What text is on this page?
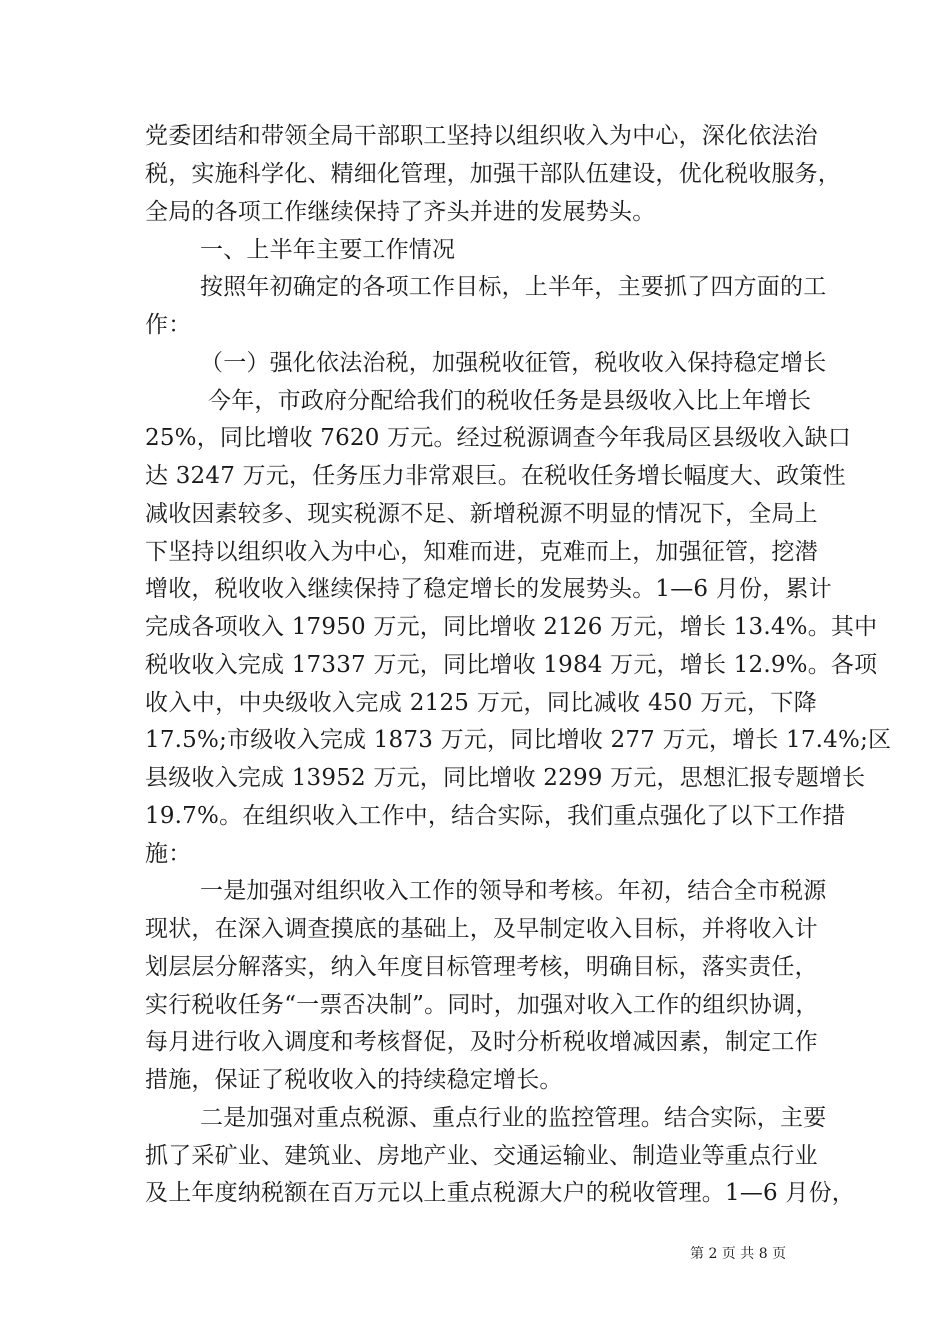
党委团结和带领全局干部职工坚持以组织收入为中心，深化依法治
税，实施科学化、精细化管理，加强干部队伍建设，优化税收服务，
全局的各项工作继续保持了齐头并进的发展势头。
一、上半年主要工作情况
按照年初确定的各项工作目标，上半年，主要抓了四方面的工
作：
（一）强化依法治税，加强税收征管，税收收入保持稳定增长
今年，市政府分配给我们的税收任务是县级收入比上年增长
25%，同比增收 7620 万元。经过税源调查今年我局区县级收入缺口
达 3247 万元，任务压力非常艰巨。在税收任务增长幅度大、政策性
减收因素较多、现实税源不足、新增税源不明显的情况下，全局上
下坚持以组织收入为中心，知难而进，克难而上，加强征管，挖潜
增收，税收收入继续保持了稳定增长的发展势头。1—6 月份，累计
完成各项收入 17950 万元，同比增收 2126 万元，增长 13.4%。其中
税收收入完成 17337 万元，同比增收 1984 万元，增长 12.9%。各项
收入中，中央级收入完成 2125 万元，同比减收 450 万元，下降
17.5%;市级收入完成 1873 万元，同比增收 277 万元，增长 17.4%;区
县级收入完成 13952 万元，同比增收 2299 万元，思想汇报专题增长
19.7%。在组织收入工作中，结合实际，我们重点强化了以下工作措
施：
一是加强对组织收入工作的领导和考核。年初，结合全市税源
现状，在深入调查摸底的基础上，及早制定收入目标，并将收入计
划层层分解落实，纳入年度目标管理考核，明确目标，落实责任，
实行税收任务“一票否决制”。同时，加强对收入工作的组织协调，
每月进行收入调度和考核督促，及时分析税收增减因素，制定工作
措施，保证了税收收入的持续稳定增长。
二是加强对重点税源、重点行业的监控管理。结合实际，主要
抓了采矿业、建筑业、房地产业、交通运输业、制造业等重点行业
及上年度纳税额在百万元以上重点税源大户的税收管理。1—6 月份，
第 2 页 共 8 页
